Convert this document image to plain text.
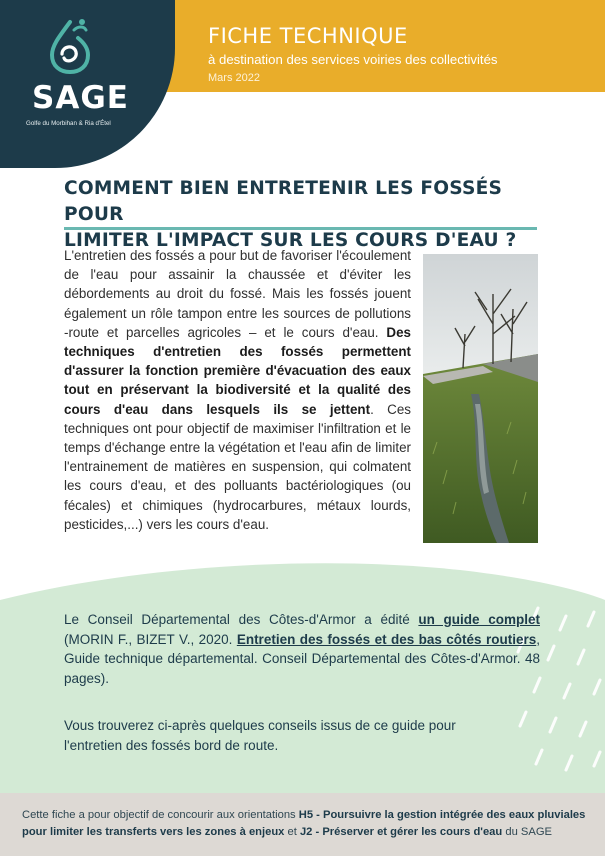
SAGE
Golfe du Morbihan & Ria d'Étel
FICHE TECHNIQUE
à destination des services voiries des collectivités
Mars 2022
COMMENT BIEN ENTRETENIR LES FOSSÉS POUR
LIMITER L'IMPACT SUR LES COURS D'EAU ?
L'entretien des fossés a pour but de favoriser l'écoulement de l'eau pour assainir la chaussée et d'éviter les débordements au droit du fossé. Mais les fossés jouent également un rôle tampon entre les sources de pollutions -route et parcelles agricoles – et le cours d'eau. Des techniques d'entretien des fossés permettent d'assurer la fonction première d'évacuation des eaux tout en préservant la biodiversité et la qualité des cours d'eau dans lesquels ils se jettent. Ces techniques ont pour objectif de maximiser l'infiltration et le temps d'échange entre la végétation et l'eau afin de limiter l'entrainement de matières en suspension, qui colmatent les cours d'eau, et des polluants bactériologiques (ou fécales) et chimiques (hydrocarbures, métaux lourds, pesticides,...) vers les cours d'eau.
Le Conseil Départemental des Côtes-d'Armor a édité un guide complet (MORIN F., BIZET V., 2020. Entretien des fossés et des bas côtés routiers, Guide technique départemental. Conseil Départemental des Côtes-d'Armor. 48 pages).
Vous trouverez ci-après quelques conseils issus de ce guide pour l'entretien des fossés bord de route.
Cette fiche a pour objectif de concourir aux orientations H5 - Poursuivre la gestion intégrée des eaux pluviales
pour limiter les transferts vers les zones à enjeux et J2 - Préserver et gérer les cours d'eau du SAGE
